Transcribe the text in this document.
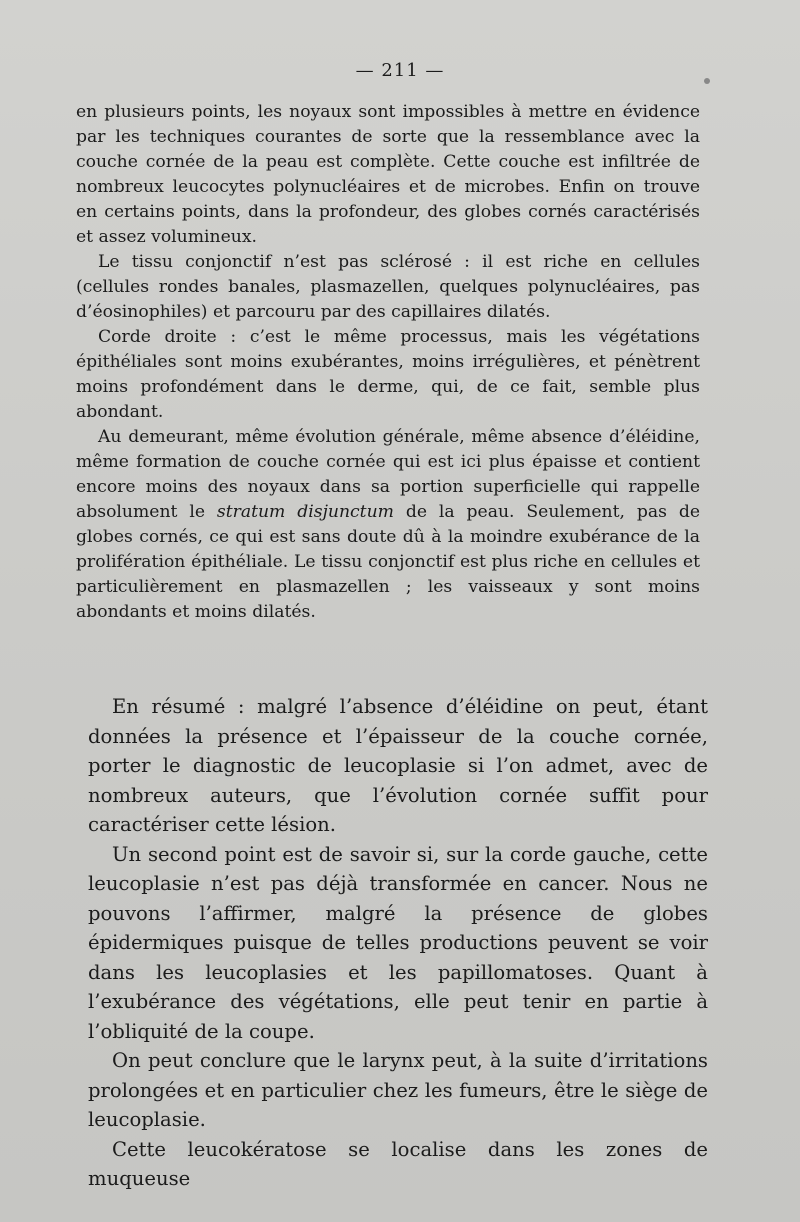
— 211 —

en plusieurs points, les noyaux sont impossibles à mettre en évidence par les techniques courantes de sorte que la ressemblance avec la couche cornée de la peau est complète. Cette couche est infiltrée de nombreux leucocytes polynucléaires et de microbes. Enfin on trouve en certains points, dans la profondeur, des globes cornés caractérisés et assez volumineux.

Le tissu conjonctif n’est pas sclérosé : il est riche en cellules (cellules rondes banales, plasmazellen, quelques polynucléaires, pas d’éosinophiles) et parcouru par des capillaires dilatés.

Corde droite : c’est le même processus, mais les végétations épithéliales sont moins exubérantes, moins irrégulières, et pénètrent moins profondément dans le derme, qui, de ce fait, semble plus abondant.

Au demeurant, même évolution générale, même absence d’éléidine, même formation de couche cornée qui est ici plus épaisse et contient encore moins des noyaux dans sa portion superficielle qui rappelle absolument le stratum disjunctum de la peau. Seulement, pas de globes cornés, ce qui est sans doute dû à la moindre exubérance de la prolifération épithéliale. Le tissu conjonctif est plus riche en cellules et particulièrement en plasmazellen ; les vaisseaux y sont moins abondants et moins dilatés.

En résumé : malgré l’absence d’éléidine on peut, étant données la présence et l’épaisseur de la couche cornée, porter le diagnostic de leucoplasie si l’on admet, avec de nombreux auteurs, que l’évolution cornée suffit pour caractériser cette lésion.

Un second point est de savoir si, sur la corde gauche, cette leucoplasie n’est pas déjà transformée en cancer. Nous ne pouvons l’affirmer, malgré la présence de globes épidermiques puisque de telles productions peuvent se voir dans les leucoplasies et les papillomatoses. Quant à l’exubérance des végétations, elle peut tenir en partie à l’obliquité de la coupe.

On peut conclure que le larynx peut, à la suite d’irritations prolongées et en particulier chez les fumeurs, être le siège de leucoplasie.

Cette leucokératose se localise dans les zones de muqueuse
